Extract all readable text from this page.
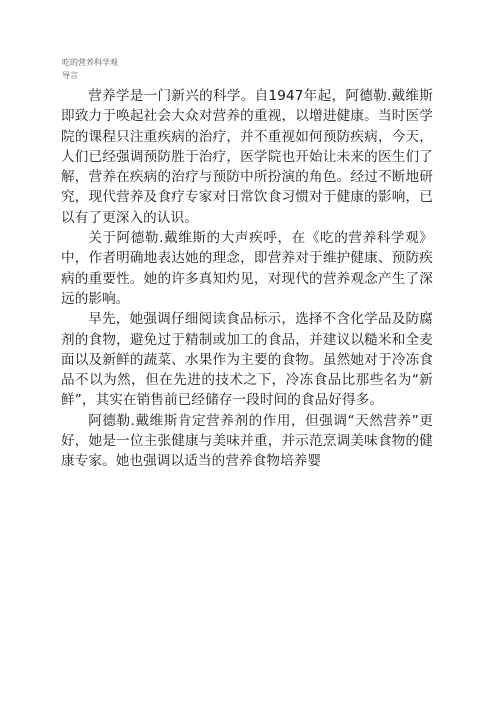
吃的营养科学观
导言

营养学是一门新兴的科学。自1947年起，阿德勒.戴维斯即致力于唤起社会大众对营养的重视，以增进健康。当时医学院的课程只注重疾病的治疗，并不重视如何预防疾病，今天，人们已经强调预防胜于治疗，医学院也开始让未来的医生们了解，营养在疾病的治疗与预防中所扮演的角色。经过不断地研究，现代营养及食疗专家对日常饮食习惯对于健康的影响，已以有了更深入的认识。

关于阿德勒.戴维斯的大声疾呼，在《吃的营养科学观》中，作者明确地表达她的理念，即营养对于维护健康、预防疾病的重要性。她的许多真知灼见，对现代的营养观念产生了深远的影响。

早先，她强调仔细阅读食品标示，选择不含化学品及防腐剂的食物，避免过于精制或加工的食品，并建议以糙米和全麦面以及新鲜的蔬菜、水果作为主要的食物。虽然她对于冷冻食品不以为然，但在先进的技术之下，冷冻食品比那些名为“新鲜”，其实在销售前已经储存一段时间的食品好得多。

阿德勒.戴维斯肯定营养剂的作用，但强调“天然营养”更好，她是一位主张健康与美味并重，并示范烹调美味食物的健康专家。她也强调以适当的营养食物培养婴
